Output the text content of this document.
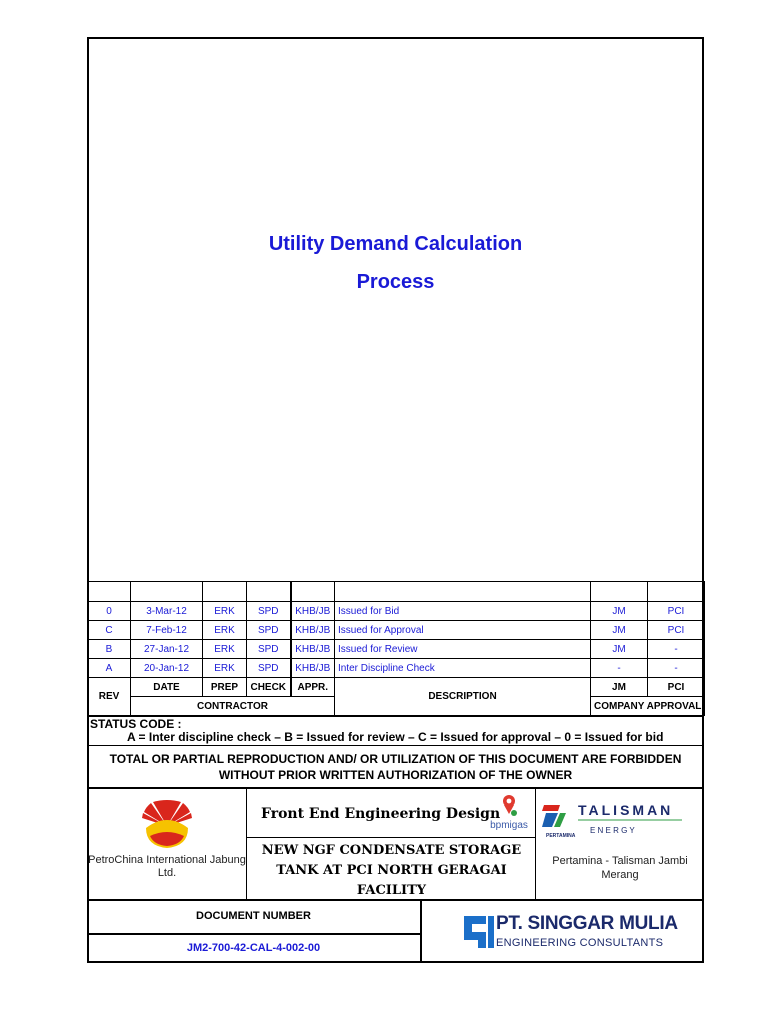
Utility Demand Calculation
Process

0	3-Mar-12	ERK	SPD	KHB/JB	Issued for Bid	JM	PCI
C	7-Feb-12	ERK	SPD	KHB/JB	Issued for Approval	JM	PCI
B	27-Jan-12	ERK	SPD	KHB/JB	Issued for Review	JM	-
A	20-Jan-12	ERK	SPD	KHB/JB	Inter Discipline Check	-	-
REV	DATE	PREP	CHECK	APPR.	DESCRIPTION	JM	PCI
	CONTRACTOR					COMPANY APPROVAL	
STATUS CODE :
A = Inter discipline check – B = Issued for review – C = Issued for approval – 0 = Issued for bid
TOTAL OR PARTIAL REPRODUCTION AND/ OR UTILIZATION OF THIS DOCUMENT ARE FORBIDDEN
WITHOUT PRIOR WRITTEN AUTHORIZATION OF THE OWNER
PetroChina International Jabung
Ltd.
Front End Engineering Design
bpmigas
NEW NGF CONDENSATE STORAGE
TANK AT PCI NORTH GERAGAI
FACILITY
PERTAMINA
TALISMAN
E N E R G Y
Pertamina - Talisman Jambi
Merang
DOCUMENT NUMBER
JM2-700-42-CAL-4-002-00
PT. SINGGAR MULIA
ENGINEERING CONSULTANTS
